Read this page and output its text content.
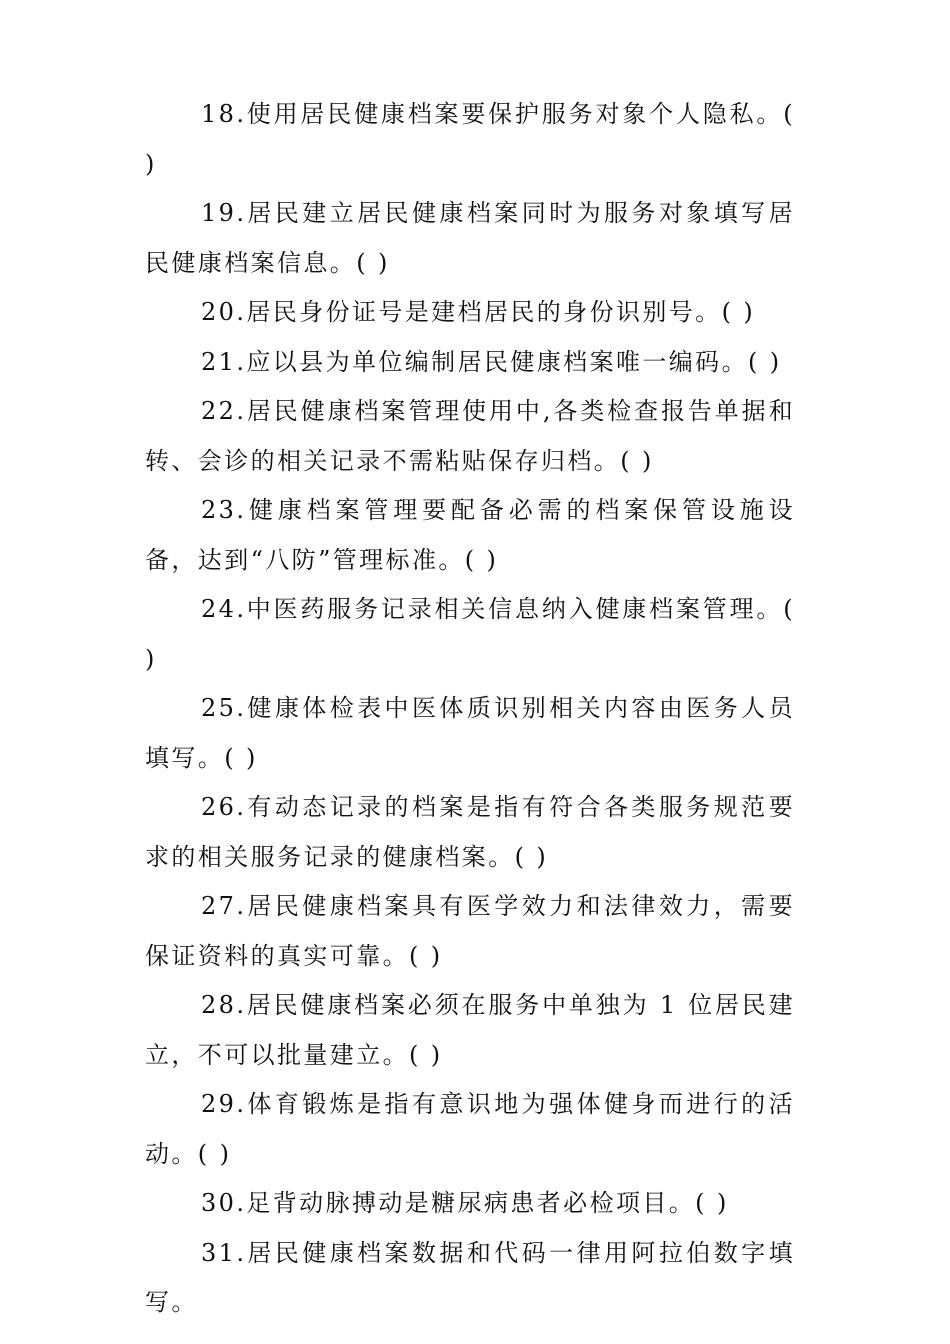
18.使用居民健康档案要保护服务对象个人隐私。( )
19.居民建立居民健康档案同时为服务对象填写居民健康档案信息。( )
20.居民身份证号是建档居民的身份识别号。( )
21.应以县为单位编制居民健康档案唯一编码。( )
22.居民健康档案管理使用中,各类检查报告单据和转、会诊的相关记录不需粘贴保存归档。( )
23.健康档案管理要配备必需的档案保管设施设备，达到“八防”管理标准。( )
24.中医药服务记录相关信息纳入健康档案管理。( )
25.健康体检表中医体质识别相关内容由医务人员填写。( )
26.有动态记录的档案是指有符合各类服务规范要求的相关服务记录的健康档案。( )
27.居民健康档案具有医学效力和法律效力，需要保证资料的真实可靠。( )
28.居民健康档案必须在服务中单独为 1 位居民建立，不可以批量建立。( )
29.体育锻炼是指有意识地为强体健身而进行的活动。( )
30.足背动脉搏动是糖尿病患者必检项目。( )
31.居民健康档案数据和代码一律用阿拉伯数字填写。
